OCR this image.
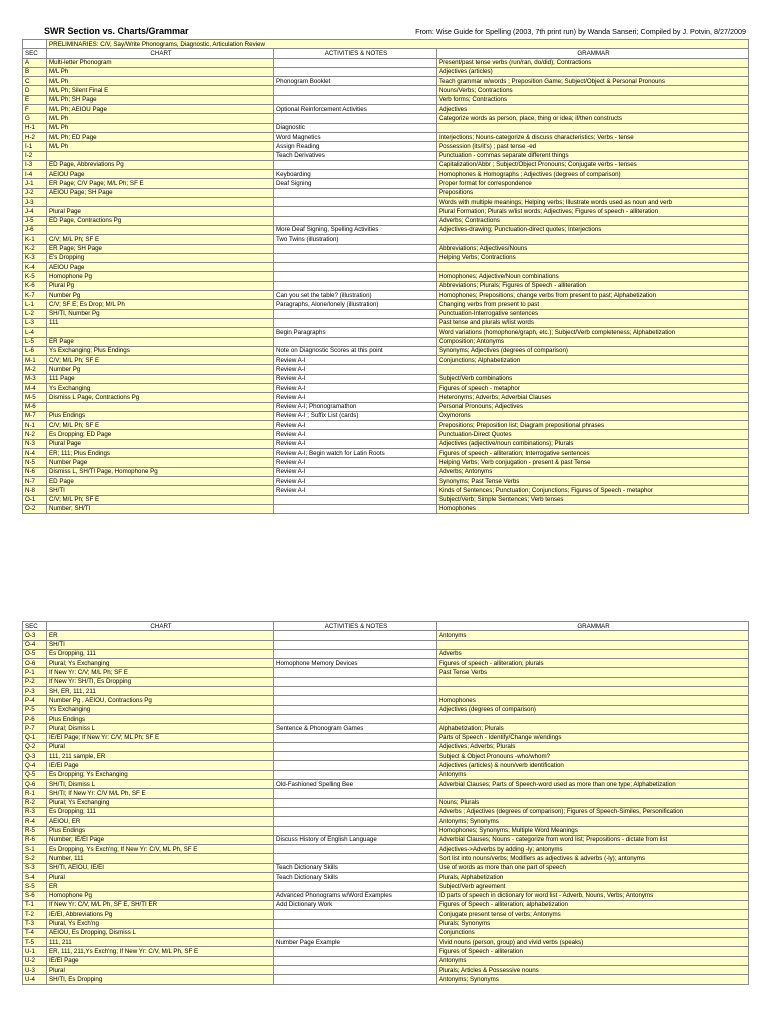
SWR Section vs. Charts/Grammar	From: Wise Guide for Spelling (2003, 7th print run) by Wanda Sanseri; Compiled by J. Potvin, 8/27/2009
	PRELIMINARIES: C/V, Say/Write Phonograms, Diagnostic, Articulation Review		
SEC	CHART	ACTIVITIES & NOTES	GRAMMAR
A	Multi-letter Phonogram		Present/past tense verbs (run/ran, do/did); Contractions
B	M/L Ph		Adjectives (articles)
C	M/L Ph	Phonogram Booklet	Teach grammar w/words ; Preposition Game; Subject/Object & Personal Pronouns
D	M/L Ph; Silent Final E		Nouns/Verbs; Contractions
E	M/L Ph; SH Page		Verb forms; Contractions
F	M/L Ph; AEIOU Page	Optional Reinforcement Activities	Adjectives
G	M/L Ph		Categorize words as person, place, thing or idea; if/then constructs
H-1	M/L Ph	Diagnostic	
H-2	M/L Ph; ED Page	Word Magnetics	Interjections; Nouns-categorize & discuss characteristics; Verbs - tense
I-1	M/L Ph	Assign Reading	Possession (its/it's) ; past tense -ed
I-2		Teach Derivatives	Punctuation - commas separate different things
I-3	ED Page, Abbreviations Pg		Capitalization/Abbr ; Subject/Object Pronouns; Conjugate verbs - tenses
I-4	AEIOU Page	Keyboarding	Homophones & Homographs ; Adjectives (degrees of comparison)
J-1	ER Page; C/V Page; M/L Ph; SF E	Deaf Signing	Proper format for correspondence
J-2	AEIOU Page; SH Page		Prepositions
J-3			Words with multiple meanings; Helping verbs; Illustrate words used as noun and verb
J-4	Plural Page		Plural Formation; Plurals w/list words; Adjectives; Figures of speech - alliteration
J-5	ED Page, Contractions Pg		Adverbs; Contractions
J-6		More Deaf Signing, Spelling Activities	Adjectives-drawing; Punctuation-direct quotes; Interjections
K-1	C/V; M/L Ph; SF E	Two Twins (illustration)	
K-2	ER Page; SH Page		Abbreviations; Adjectives/Nouns
K-3	E's Dropping		Helping Verbs; Contractions
K-4	AEIOU Page		
K-5	Homophone Pg		Homophones; Adjective/Noun combinations
K-6	Plural Pg		Abbreviations; Plurals; Figures of Speech - alliteration
K-7	Number Pg	Can you set the table? (illustration)	Homophones; Prepositions; change verbs from present to past; Alphabetization
L-1	C/V; SF E; Es Drop; M/L Ph	Paragraphs, Alone/lonely (illustration)	Changing verbs from present to past
L-2	SH/TI, Number Pg		Punctuation-Interrogative sentences
L-3	111		Past tense and plurals w/list words
L-4		Begin Paragraphs	Word variations (homophone/graph, etc.); Subject/Verb completeness; Alphabetization
L-5	ER Page		Composition; Antonyms
L-6	Ys Exchanging; Plus Endings	Note on Diagnostic Scores at this point	Synonyms; Adjectives (degrees of comparison)
M-1	C/V; M/L Ph; SF E	Review A-I	Conjunctions; Alphabetization
M-2	Number Pg	Review A-I	
M-3	111 Page	Review A-I	Subject/Verb combinations
M-4	Ys Exchanging	Review A-I	Figures of speech - metaphor
M-5	Dismiss L Page, Contractions Pg	Review A-I	Heteronyms; Adverbs; Adverbial Clauses
M-6		Review A-I; Phonogramathon	Personal Pronouns; Adjectives
M-7	Plus Endings	Review A-I ; Suffix List (cards)	Oxymorons
N-1	C/V; M/L Ph; SF E	Review A-I	Prepositions; Preposition list; Diagram prepositional phrases
N-2	Es Dropping; ED Page	Review A-I	Punctuation-Direct Quotes
N-3	Plural Page	Review A-I	Adjectives (adjective/noun combinations); Plurals
N-4	ER; 111; Plus Endings	Review A-I; Begin watch for Latin Roots	Figures of speech - alliteration; Interrogative sentences
N-5	Number Page	Review A-I	Helping Verbs; Verb conjugation - present & past Tense
N-6	Dismiss L, SH/TI Page, Homophone Pg	Review A-I	Adverbs; Antonyms
N-7	ED Page	Review A-I	Synonyms; Past Tense Verbs
N-8	SH/TI	Review A-I	Kinds of Sentences; Punctuation; Conjunctions; Figures of Speech - metaphor
O-1	C/V; M/L Ph; SF E		Subject/Verb; Simple Sentences; Verb tenses
O-2	Number; SH/TI		Homophones
SEC	CHART	ACTIVITIES & NOTES	GRAMMAR
O-3	ER		Antonyms
O-4	SH/TI		
O-5	Es Dropping, 111		Adverbs
O-6	Plural; Ys Exchanging	Homophone Memory Devices	Figures of speech - alliteration; plurals
P-1	If New Yr: C/V; M/L Ph; SF E		Past Tense Verbs
P-2	If New Yr: SH/TI, Es Dropping		
P-3	SH, ER, 111, 211		
P-4	Number Pg , AEIOU, Contractions Pg		Homophones
P-5	Ys Exchanging		Adjectives (degrees of comparison)
P-6	Plus Endings		
P-7	Plural; Dismiss L	Sentence & Phonogram Games	Alphabetization; Plurals
Q-1	IE/EI Page; If New Yr: C/V; ML Ph; SF E		Parts of Speech - Identify/Change w/endings
Q-2	Plural		Adjectives; Adverbs; Plurals
Q-3	111, 211 sample, ER		Subject & Object Pronouns -who/whom?
Q-4	IE/EI Page		Adjectives (articles) & noun/verb identification
Q-5	Es Dropping; Ys Exchanging		Antonyms
Q-6	SH/TI, Dismiss L	Old-Fashioned Spelling Bee	Adverbial Clauses; Parts of Speech-word used as more than one type; Alphabetization
R-1	SH/TI; If New Yr: C/V M/L Ph, SF E		
R-2	Plural; Ys Exchanging		Nouns; Plurals
R-3	Es Dropping; 111		Adverbs ; Adjectives (degrees of comparison); Figures of Speech-Similes, Personification
R-4	AEIOU, ER		Antonyms; Synonyms
R-5	Plus Endings		Homophones; Synonyms; Multiple Word Meanings
R-6	Number; IE/EI Page	Discuss History of English Language	Adverbial Clauses; Nouns - categorize from word list; Prepositions - dictate from list
S-1	Es Dropping, Ys Exch'ng; If New Yr: C/V, ML Ph, SF E		Adjectives->Adverbs by adding -ly; antonyms
S-2	Number, 111		Sort list into nouns/verbs; Modifiers as adjectives & adverbs (-ly); antonyms
S-3	SH/TI, AEIOU, IE/EI	Teach Dictionary Skills	Use of words as more than one part of speech
S-4	Plural	Teach Dictionary Skills	Plurals, Alphabetization
S-5	ER		Subject/Verb agreement
S-6	Homophone Pg	Advanced Phonograms w/Word Examples	ID parts of speech in dictionary for word list - Adverb, Nouns, Verbs; Antonyms
T-1	If New Yr: C/V, M/L Ph, SF E, SH/TI ER	Add Dictionary Work	Figures of Speech - alliteration; alphabetization
T-2	IE/EI, Abbreviations Pg		Conjugate present tense of verbs; Antonyms
T-3	Plural, Ys Exch'ng		Plurals; Synonyms
T-4	AEIOU, Es Dropping, Dismiss L		Conjunctions
T-5	111, 211	Number Page Example	Vivid nouns (person, group) and vivid verbs (speaks)
U-1	ER, 111, 211,Ys Exch'ng; If New Yr: C/V, M/L Ph, SF E		Figures of Speech - alliteration
U-2	IE/EI Page		Antonyms
U-3	Plural		Plurals; Articles & Possessive nouns
U-4	SH/TI, Es Dropping		Antonyms; Synonyms
